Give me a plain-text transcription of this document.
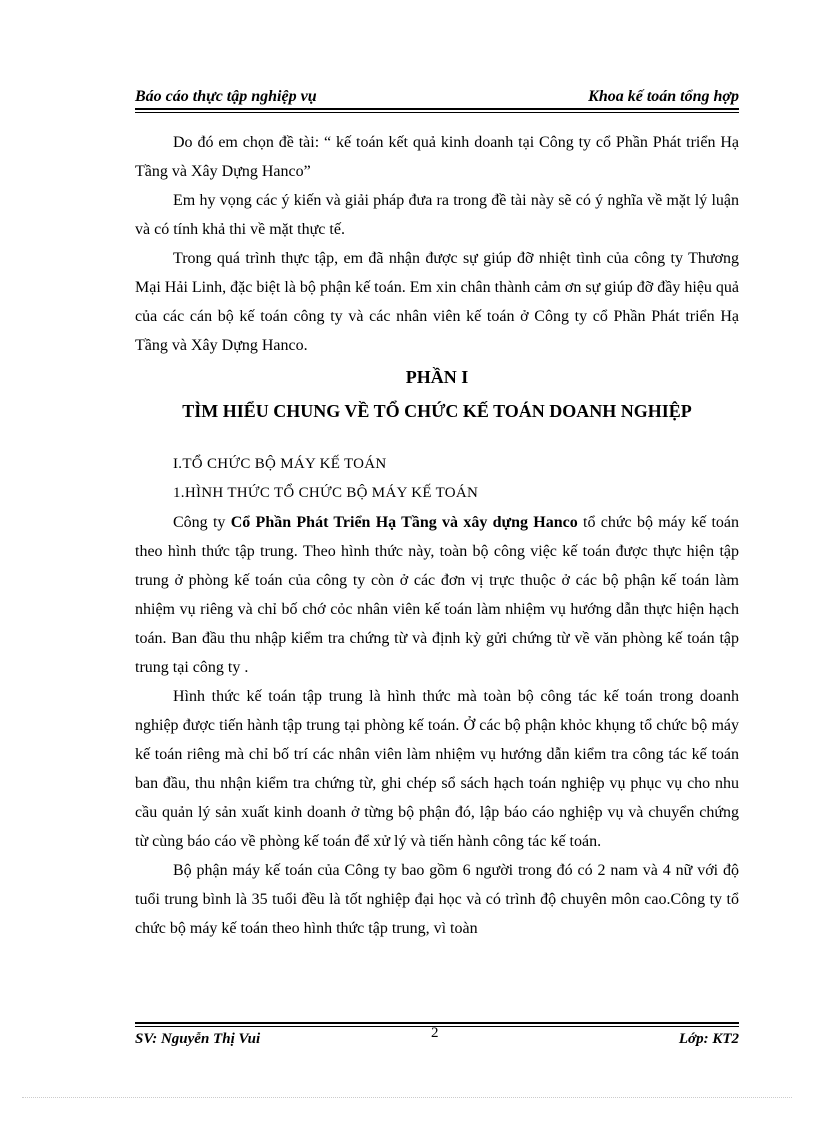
Báo cáo thực tập nghiệp vụ	Khoa kế toán tổng hợp

Do đó em chọn đề tài: “ kế toán kết quả kinh doanh tại Công ty cổ Phần Phát triển Hạ Tầng và Xây Dựng Hanco”

Em hy vọng các ý kiến và giải pháp đưa ra trong đề tài này sẽ có ý nghĩa về mặt lý luận và có tính khả thi về mặt thực tế.

Trong quá trình thực tập, em đã nhận được sự giúp đỡ nhiệt tình của công ty Thương Mại Hải Linh, đặc biệt là bộ phận kế toán. Em xin chân thành cảm ơn sự giúp đỡ đầy hiệu quả của các cán bộ kế toán công ty và các nhân viên kế toán ở Công ty cổ Phần Phát triển Hạ Tầng và Xây Dựng Hanco.

PHẦN I

TÌM HIỂU CHUNG VỀ TỔ CHỨC KẾ TOÁN DOANH NGHIỆP

I.TỔ CHỨC BỘ MÁY KẾ TOÁN

1.HÌNH THỨC TỔ CHỨC BỘ MÁY KẾ TOÁN

Công ty Cổ Phần Phát Triển Hạ Tầng và xây dựng Hanco tổ chức bộ máy kế toán theo hình thức tập trung. Theo hình thức này, toàn bộ công việc kế toán được thực hiện tập trung ở phòng kế toán của công ty còn ở các đơn vị trực thuộc ở các bộ phận kế toán làm nhiệm vụ riêng và chỉ bố chớ cỏc nhân viên kế toán làm nhiệm vụ hướng dẫn thực hiện hạch toán. Ban đầu thu nhập kiểm tra chứng từ và định kỳ gửi chứng từ về văn phòng kế toán tập trung tại công ty .

Hình thức kế toán tập trung là hình thức mà toàn bộ công tác kế toán trong doanh nghiệp được tiến hành tập trung tại phòng kế toán. Ở các bộ phận khỏc khụng tổ chức bộ máy kế toán riêng mà chỉ bố trí các nhân viên làm nhiệm vụ hướng dẫn kiểm tra công tác kế toán ban đầu, thu nhận kiểm tra chứng từ, ghi chép sổ sách hạch toán nghiệp vụ phục vụ cho nhu cầu quản lý sản xuất kinh doanh ở từng bộ phận đó, lập báo cáo nghiệp vụ và chuyển chứng từ cùng báo cáo về phòng kế toán để xử lý và tiến hành công tác kế toán.

Bộ phận máy kế toán của Công ty bao gồm 6 người trong đó có 2 nam và 4 nữ với độ tuổi trung bình là 35 tuổi đều là tốt nghiệp đại học và có trình độ chuyên môn cao.Công ty tổ chức bộ máy kế toán theo hình thức tập trung, vì toàn

SV: Nguyễn Thị Vui	2	Lớp: KT2
